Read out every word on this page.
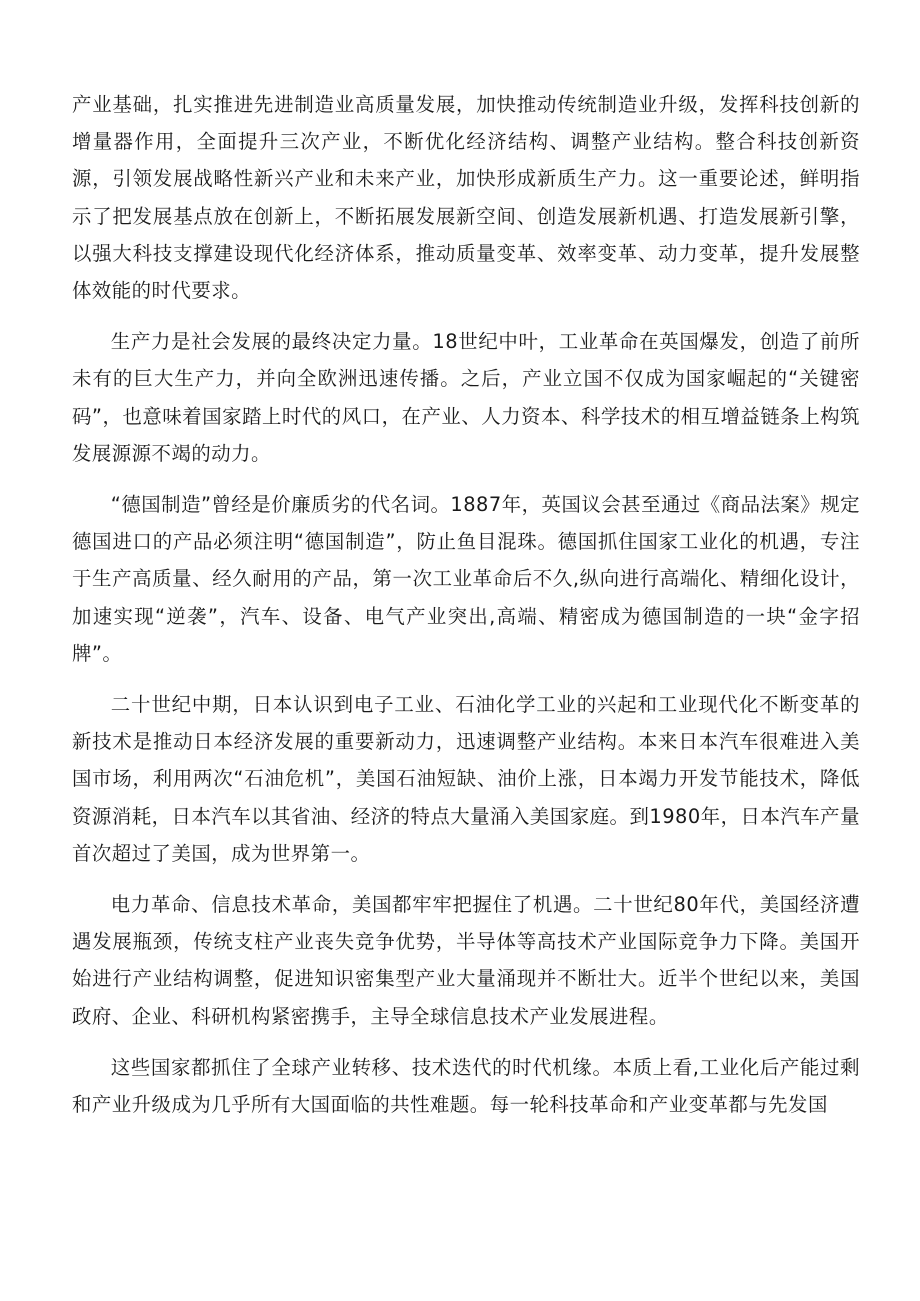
产业基础，扎实推进先进制造业高质量发展，加快推动传统制造业升级，发挥科技创新的增量器作用，全面提升三次产业，不断优化经济结构、调整产业结构。整合科技创新资源，引领发展战略性新兴产业和未来产业，加快形成新质生产力。这一重要论述，鲜明指示了把发展基点放在创新上，不断拓展发展新空间、创造发展新机遇、打造发展新引擎，以强大科技支撑建设现代化经济体系，推动质量变革、效率变革、动力变革，提升发展整体效能的时代要求。

生产力是社会发展的最终决定力量。18世纪中叶，工业革命在英国爆发，创造了前所未有的巨大生产力，并向全欧洲迅速传播。之后，产业立国不仅成为国家崛起的“关键密码”，也意味着国家踏上时代的风口，在产业、人力资本、科学技术的相互增益链条上构筑发展源源不竭的动力。

“德国制造”曾经是价廉质劣的代名词。1887年，英国议会甚至通过《商品法案》规定德国进口的产品必须注明“德国制造”，防止鱼目混珠。德国抓住国家工业化的机遇，专注于生产高质量、经久耐用的产品，第一次工业革命后不久,纵向进行高端化、精细化设计，加速实现“逆袭”，汽车、设备、电气产业突出,高端、精密成为德国制造的一块“金字招牌”。

二十世纪中期，日本认识到电子工业、石油化学工业的兴起和工业现代化不断变革的新技术是推动日本经济发展的重要新动力，迅速调整产业结构。本来日本汽车很难进入美国市场，利用两次“石油危机”，美国石油短缺、油价上涨，日本竭力开发节能技术，降低资源消耗，日本汽车以其省油、经济的特点大量涌入美国家庭。到1980年，日本汽车产量首次超过了美国，成为世界第一。

电力革命、信息技术革命，美国都牢牢把握住了机遇。二十世纪80年代，美国经济遭遇发展瓶颈，传统支柱产业丧失竞争优势，半导体等高技术产业国际竞争力下降。美国开始进行产业结构调整，促进知识密集型产业大量涌现并不断壮大。近半个世纪以来，美国政府、企业、科研机构紧密携手，主导全球信息技术产业发展进程。

这些国家都抓住了全球产业转移、技术迭代的时代机缘。本质上看,工业化后产能过剩和产业升级成为几乎所有大国面临的共性难题。每一轮科技革命和产业变革都与先发国
